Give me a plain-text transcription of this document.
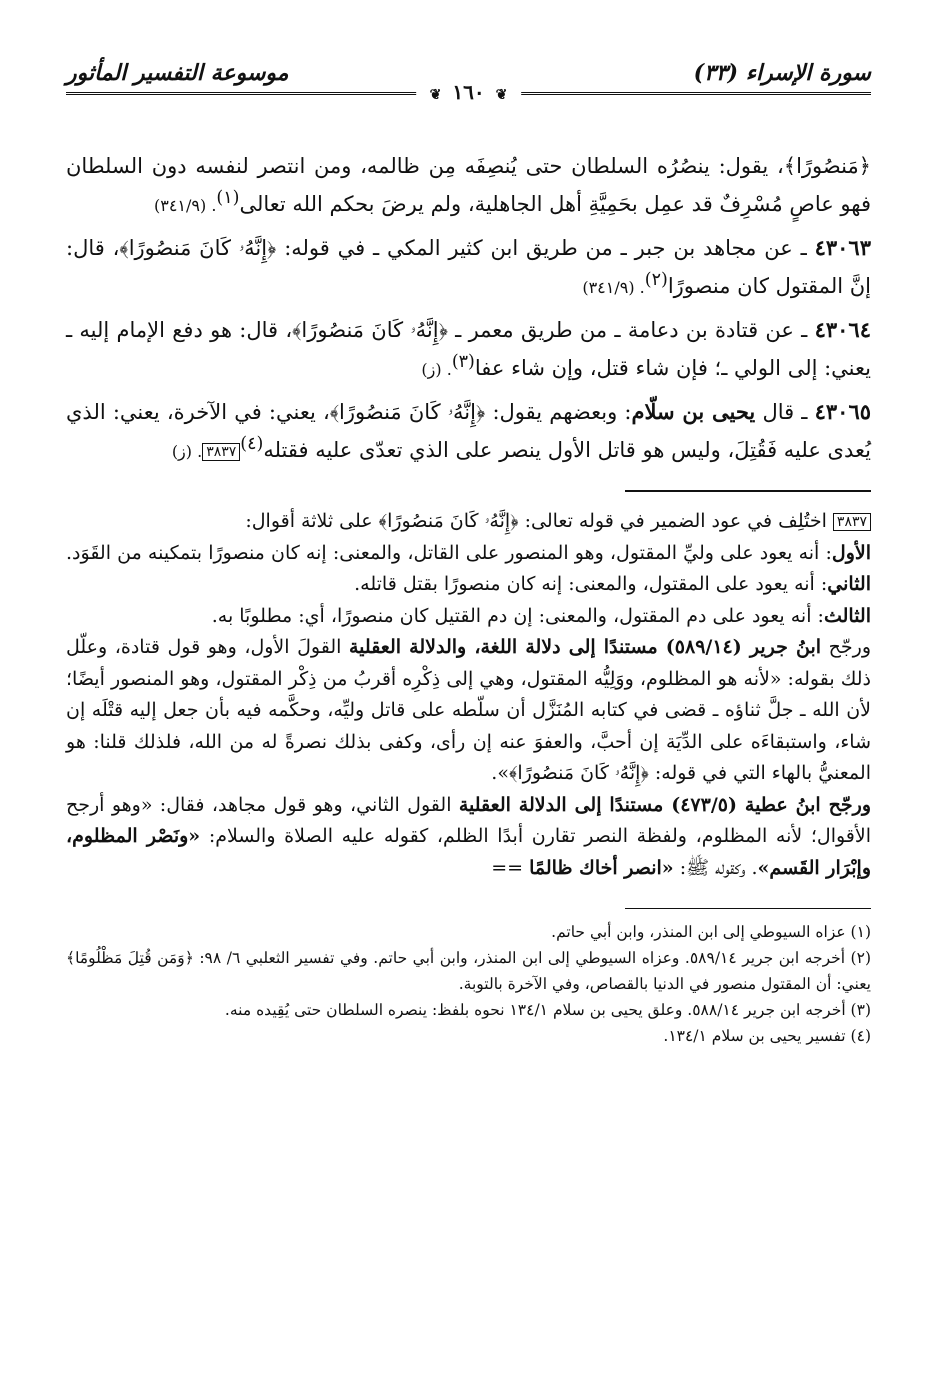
موسوعة التفسير المأثور	سورة الإسراء (٣٣)
❦ ١٦٠ ❦

﴿مَنصُورًا﴾، يقول: ينصُرُه السلطان حتى يُنصِفَه مِن ظالمه، ومن انتصر لنفسه دون السلطان فهو عاصٍ مُسْرِفٌ قد عمِل بحَمِيَّةِ أهل الجاهلية، ولم يرضَ بحكم الله تعالى$^{(١)}$. (٣٤١/٩)

٤٣٠٦٣ ـ عن مجاهد بن جبر ـ من طريق ابن كثير المكي ـ في قوله: ﴿إِنَّهُۥ كَانَ مَنصُورًا﴾، قال: إنَّ المقتول كان منصورًا$^{(٢)}$. (٣٤١/٩)

٤٣٠٦٤ ـ عن قتادة بن دعامة ـ من طريق معمر ـ ﴿إِنَّهُۥ كَانَ مَنصُورًا﴾، قال: هو دفع الإمام إليه ـ يعني: إلى الولي ـ؛ فإن شاء قتل، وإن شاء عفا$^{(٣)}$. (ز)

٤٣٠٦٥ ـ قال يحيى بن سلّام: وبعضهم يقول: ﴿إِنَّهُۥ كَانَ مَنصُورًا﴾، يعني: في الآخرة، يعني: الذي يُعدى عليه فَقُتِلَ، وليس هو قاتل الأول ينصر على الذي تعدّى عليه فقتله$^{(٤)}$٣٨٣٧. (ز)

٣٨٣٧ اختُلِف في عود الضمير في قوله تعالى: ﴿إِنَّهُۥ كَانَ مَنصُورًا﴾ على ثلاثة أقوال:

الأول: أنه يعود على وليِّ المقتول، وهو المنصور على القاتل، والمعنى: إنه كان منصورًا بتمكينه من القَوَد. الثاني: أنه يعود على المقتول، والمعنى: إنه كان منصورًا بقتل قاتله.

الثالث: أنه يعود على دم المقتول، والمعنى: إن دم القتيل كان منصورًا، أي: مطلوبًا به.

ورجّح ابنُ جرير (٥٨٩/١٤) مستندًا إلى دلالة اللغة، والدلالة العقلية القولَ الأول، وهو قول قتادة، وعلّل ذلك بقوله: «لأنه هو المظلوم، ووَلِيُّه المقتول، وهي إلى ذِكْرِه أقربُ من ذِكْر المقتول، وهو المنصور أيضًا؛ لأن الله ـ جلَّ ثناؤه ـ قضى في كتابه المُنَزَّل أن سلّطه على قاتل وليِّه، وحكَّمه فيه بأن جعل إليه قتْلَه إن شاء، واستبقاءَه على الدِّيَة إن أحبَّ، والعفوَ عنه إن رأى، وكفى بذلك نصرةً له من الله، فلذلك قلنا: هو المعنيُّ بالهاء التي في قوله: ﴿إِنَّهُۥ كَانَ مَنصُورًا﴾».

ورجّح ابنُ عطية (٤٧٣/٥) مستندًا إلى الدلالة العقلية القول الثاني، وهو قول مجاهد، فقال: «وهو أرجح الأقوال؛ لأنه المظلوم، ولفظة النصر تقارن أبدًا الظلم، كقوله عليه الصلاة والسلام: «ونَصْر المظلوم، وإبْرَار القَسم». وكقوله ﷺ: «انصر أخاك ظالمًا ==

(١) عزاه السيوطي إلى ابن المنذر، وابن أبي حاتم.

(٢) أخرجه ابن جرير ٥٨٩/١٤. وعزاه السيوطي إلى ابن المنذر، وابن أبي حاتم. وفي تفسير الثعلبي ٦/ ٩٨: ﴿وَمَن قُتِلَ مَظْلُومًا﴾ يعني: أن المقتول منصور في الدنيا بالقصاص، وفي الآخرة بالتوبة.

(٣) أخرجه ابن جرير ٥٨٨/١٤. وعلق يحيى بن سلام ١٣٤/١ نحوه بلفظ: ينصره السلطان حتى يُقِيده منه.

(٤) تفسير يحيى بن سلام ١٣٤/١.
